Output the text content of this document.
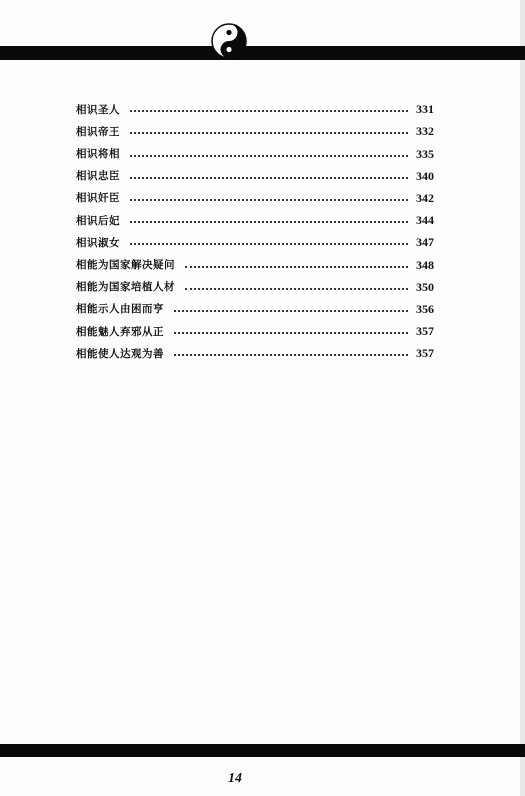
相识圣人	331
相识帝王	332
相识将相	335
相识忠臣	340
相识奸臣	342
相识后妃	344
相识淑女	347
相能为国家解决疑问	348
相能为国家培植人材	350
相能示人由困而亨	356
相能魅人弃邪从正	357
相能使人达观为善	357
14
